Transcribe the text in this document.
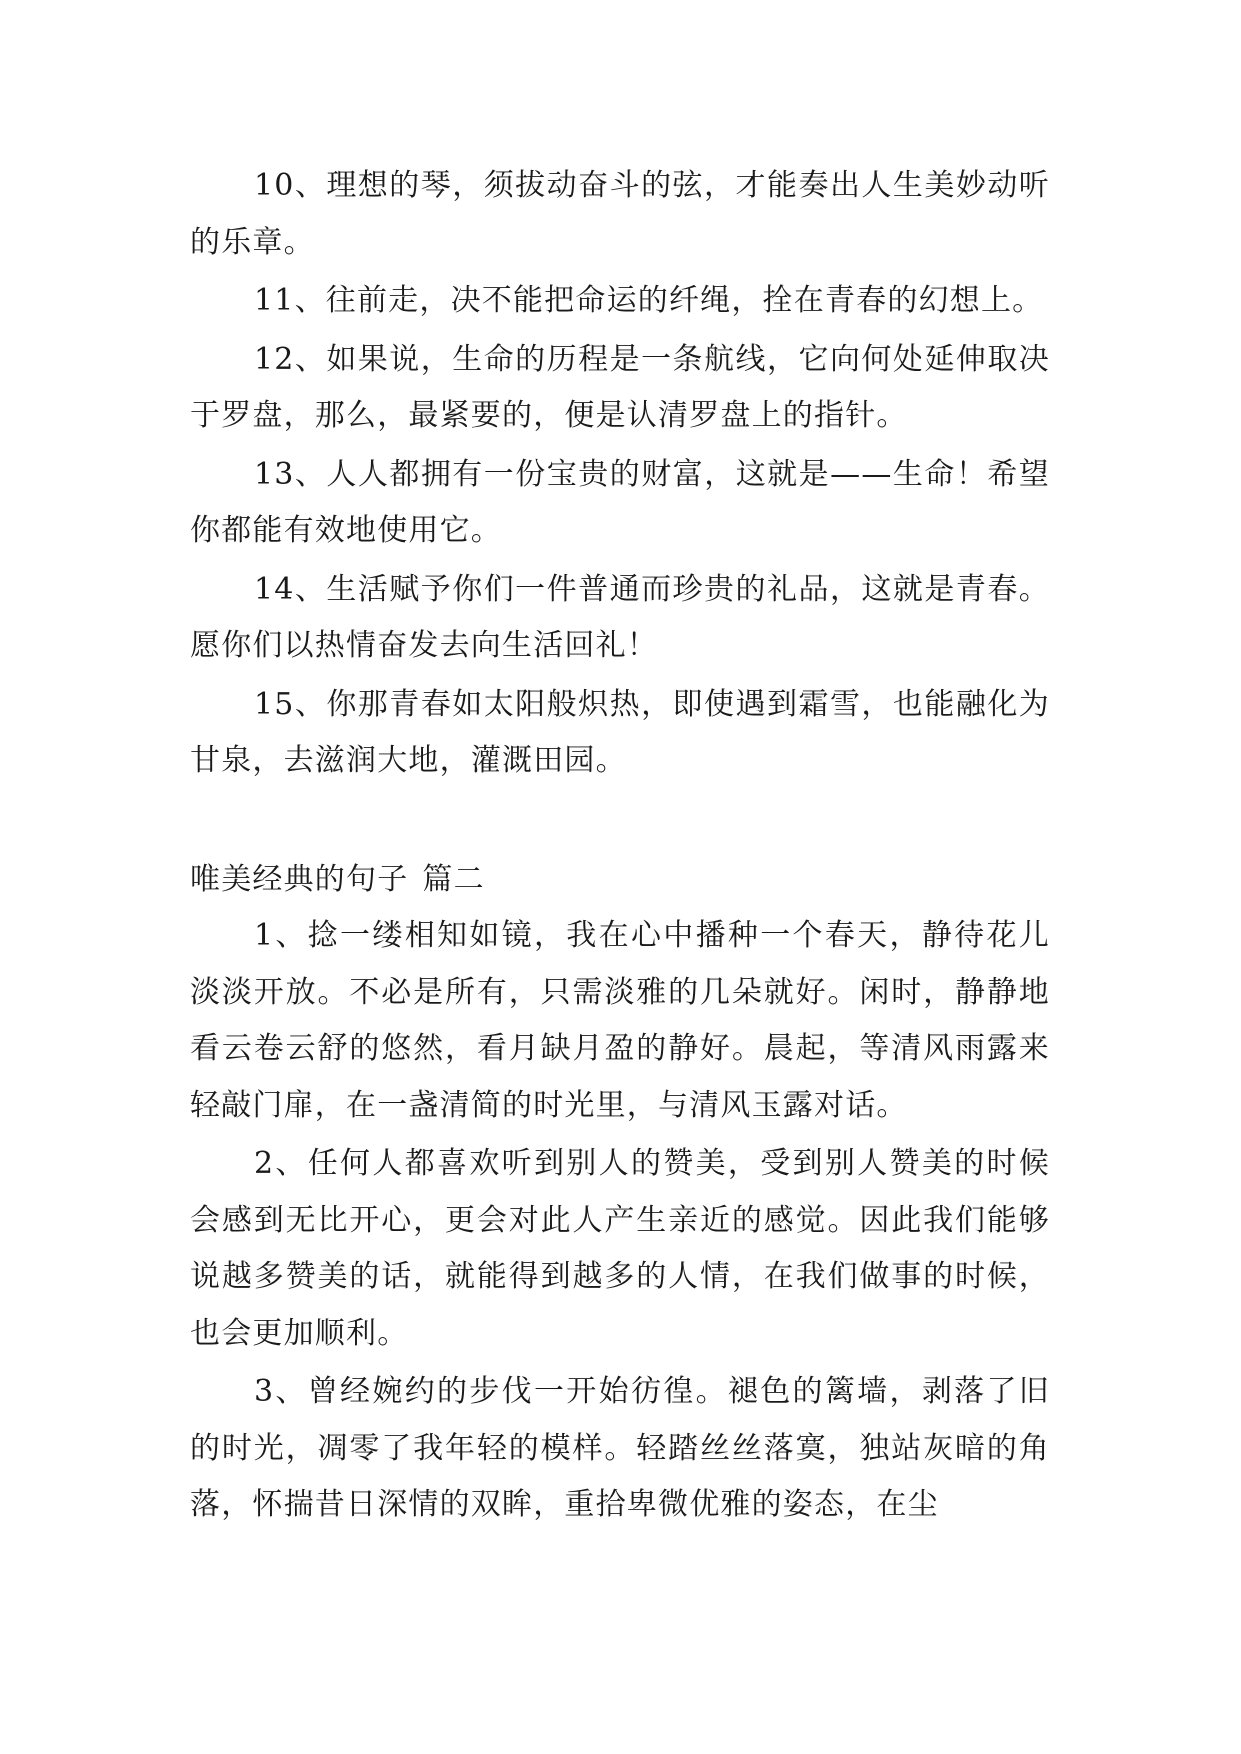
10、理想的琴，须拔动奋斗的弦，才能奏出人生美妙动听的乐章。

11、往前走，决不能把命运的纤绳，拴在青春的幻想上。

12、如果说，生命的历程是一条航线，它向何处延伸取决于罗盘，那么，最紧要的，便是认清罗盘上的指针。

13、人人都拥有一份宝贵的财富，这就是——生命！希望你都能有效地使用它。

14、生活赋予你们一件普通而珍贵的礼品，这就是青春。愿你们以热情奋发去向生活回礼！

15、你那青春如太阳般炽热，即使遇到霜雪，也能融化为甘泉，去滋润大地，灌溉田园。

唯美经典的句子 篇二

1、捻一缕相知如镜，我在心中播种一个春天，静待花儿淡淡开放。不必是所有，只需淡雅的几朵就好。闲时，静静地看云卷云舒的悠然，看月缺月盈的静好。晨起，等清风雨露来轻敲门扉，在一盏清简的时光里，与清风玉露对话。

2、任何人都喜欢听到别人的赞美，受到别人赞美的时候会感到无比开心，更会对此人产生亲近的感觉。因此我们能够说越多赞美的话，就能得到越多的人情，在我们做事的时候，也会更加顺利。

3、曾经婉约的步伐一开始彷徨。褪色的篱墙，剥落了旧的时光，凋零了我年轻的模样。轻踏丝丝落寞，独站灰暗的角落，怀揣昔日深情的双眸，重拾卑微优雅的姿态，在尘
